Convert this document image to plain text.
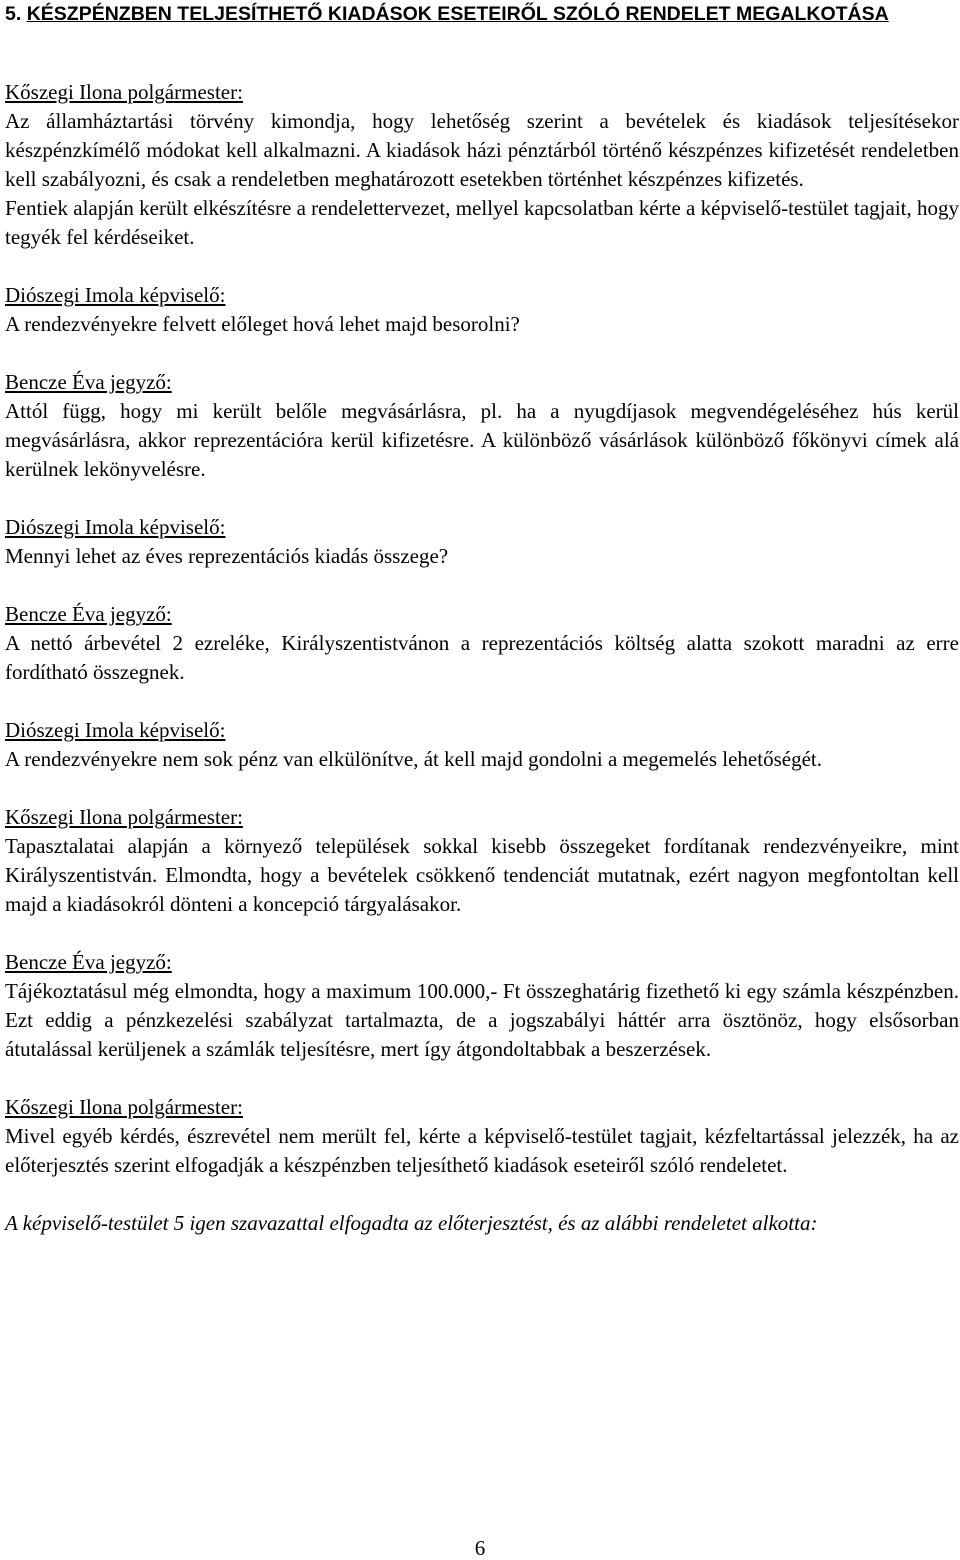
5. KÉSZPÉNZBEN TELJESÍTHETŐ KIADÁSOK ESETEIRŐL SZÓLÓ RENDELET MEGALKOTÁSA

Kőszegi Ilona polgármester:

Az államháztartási törvény kimondja, hogy lehetőség szerint a bevételek és kiadások teljesítésekor készpénzkímélő módokat kell alkalmazni. A kiadások házi pénztárból történő készpénzes kifizetését rendeletben kell szabályozni, és csak a rendeletben meghatározott esetekben történhet készpénzes kifizetés.

Fentiek alapján került elkészítésre a rendelettervezet, mellyel kapcsolatban kérte a képviselő-testület tagjait, hogy tegyék fel kérdéseiket.

Diószegi Imola képviselő:

A rendezvényekre felvett előleget hová lehet majd besorolni?

Bencze Éva jegyző:

Attól függ, hogy mi került belőle megvásárlásra, pl. ha a nyugdíjasok megvendégeléséhez hús kerül megvásárlásra, akkor reprezentációra kerül kifizetésre. A különböző vásárlások különböző főkönyvi címek alá kerülnek lekönyvelésre.

Diószegi Imola képviselő:

Mennyi lehet az éves reprezentációs kiadás összege?

Bencze Éva jegyző:

A nettó árbevétel 2 ezreléke, Királyszentistvánon a reprezentációs költség alatta szokott maradni az erre fordítható összegnek.

Diószegi Imola képviselő:

A rendezvényekre nem sok pénz van elkülönítve, át kell majd gondolni a megemelés lehetőségét.

Kőszegi Ilona polgármester:

Tapasztalatai alapján a környező települések sokkal kisebb összegeket fordítanak rendezvényeikre, mint Királyszentistván. Elmondta, hogy a bevételek csökkenő tendenciát mutatnak, ezért nagyon megfontoltan kell majd a kiadásokról dönteni a koncepció tárgyalásakor.

Bencze Éva jegyző:

Tájékoztatásul még elmondta, hogy a maximum 100.000,- Ft összeghatárig fizethető ki egy számla készpénzben. Ezt eddig a pénzkezelési szabályzat tartalmazta, de a jogszabályi háttér arra ösztönöz, hogy elsősorban átutalással kerüljenek a számlák teljesítésre, mert így átgondoltabbak a beszerzések.

Kőszegi Ilona polgármester:

Mivel egyéb kérdés, észrevétel nem merült fel, kérte a képviselő-testület tagjait, kézfeltartással jelezzék, ha az előterjesztés szerint elfogadják a készpénzben teljesíthető kiadások eseteiről szóló rendeletet.

A képviselő-testület 5 igen szavazattal elfogadta az előterjesztést, és az alábbi rendeletet alkotta:

6
